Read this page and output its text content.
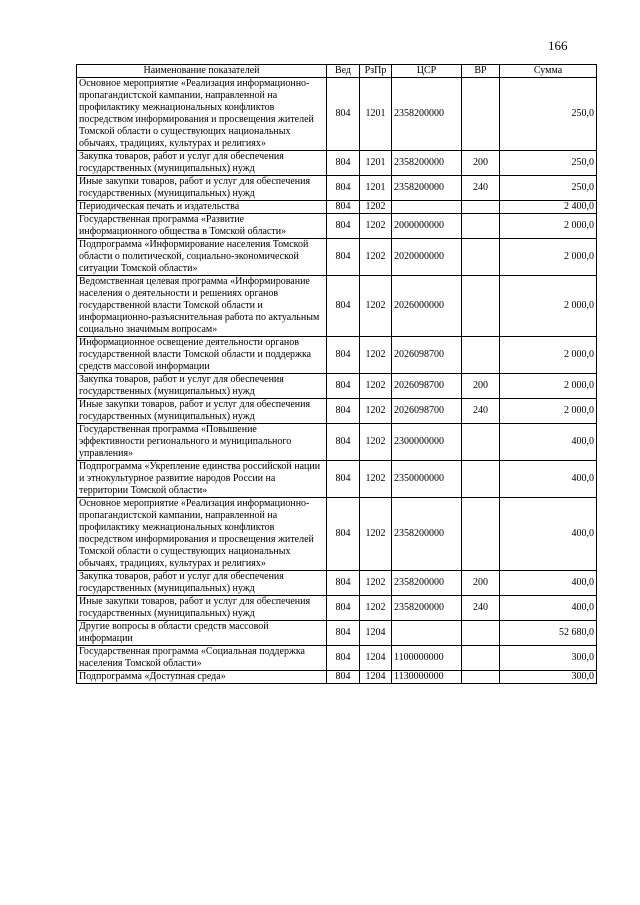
166
Наименование показателей	Вед	РзПр	ЦСР	ВР	Сумма
Основное мероприятие «Реализация информационно-пропагандистской кампании, направленной на профилактику межнациональных конфликтов посредством информирования и просвещения жителей Томской области о существующих национальных обычаях, традициях, культурах и религиях»	804	1201	2358200000		250,0
Закупка товаров, работ и услуг для обеспечения государственных (муниципальных) нужд	804	1201	2358200000	200	250,0
Иные закупки товаров, работ и услуг для обеспечения государственных (муниципальных) нужд	804	1201	2358200000	240	250,0
Периодическая печать и издательства	804	1202			2 400,0
Государственная программа «Развитие информационного общества в Томской области»	804	1202	2000000000		2 000,0
Подпрограмма «Информирование населения Томской области о политической, социально-экономической ситуации Томской области»	804	1202	2020000000		2 000,0
Ведомственная целевая программа «Информирование населения о деятельности и решениях органов государственной власти Томской области и информационно-разъяснительная работа по актуальным социально значимым вопросам»	804	1202	2026000000		2 000,0
Информационное освещение деятельности органов государственной власти Томской области и поддержка средств массовой информации	804	1202	2026098700		2 000,0
Закупка товаров, работ и услуг для обеспечения государственных (муниципальных) нужд	804	1202	2026098700	200	2 000,0
Иные закупки товаров, работ и услуг для обеспечения государственных (муниципальных) нужд	804	1202	2026098700	240	2 000,0
Государственная программа «Повышение эффективности регионального и муниципального управления»	804	1202	2300000000		400,0
Подпрограмма «Укрепление единства российской нации и этнокультурное развитие народов России на территории Томской области»	804	1202	2350000000		400,0
Основное мероприятие «Реализация информационно-пропагандистской кампании, направленной на профилактику межнациональных конфликтов посредством информирования и просвещения жителей Томской области о существующих национальных обычаях, традициях, культурах и религиях»	804	1202	2358200000		400,0
Закупка товаров, работ и услуг для обеспечения государственных (муниципальных) нужд	804	1202	2358200000	200	400,0
Иные закупки товаров, работ и услуг для обеспечения государственных (муниципальных) нужд	804	1202	2358200000	240	400,0
Другие вопросы в области средств массовой информации	804	1204			52 680,0
Государственная программа «Социальная поддержка населения Томской области»	804	1204	1100000000		300,0
Подпрограмма «Доступная среда»	804	1204	1130000000		300,0
